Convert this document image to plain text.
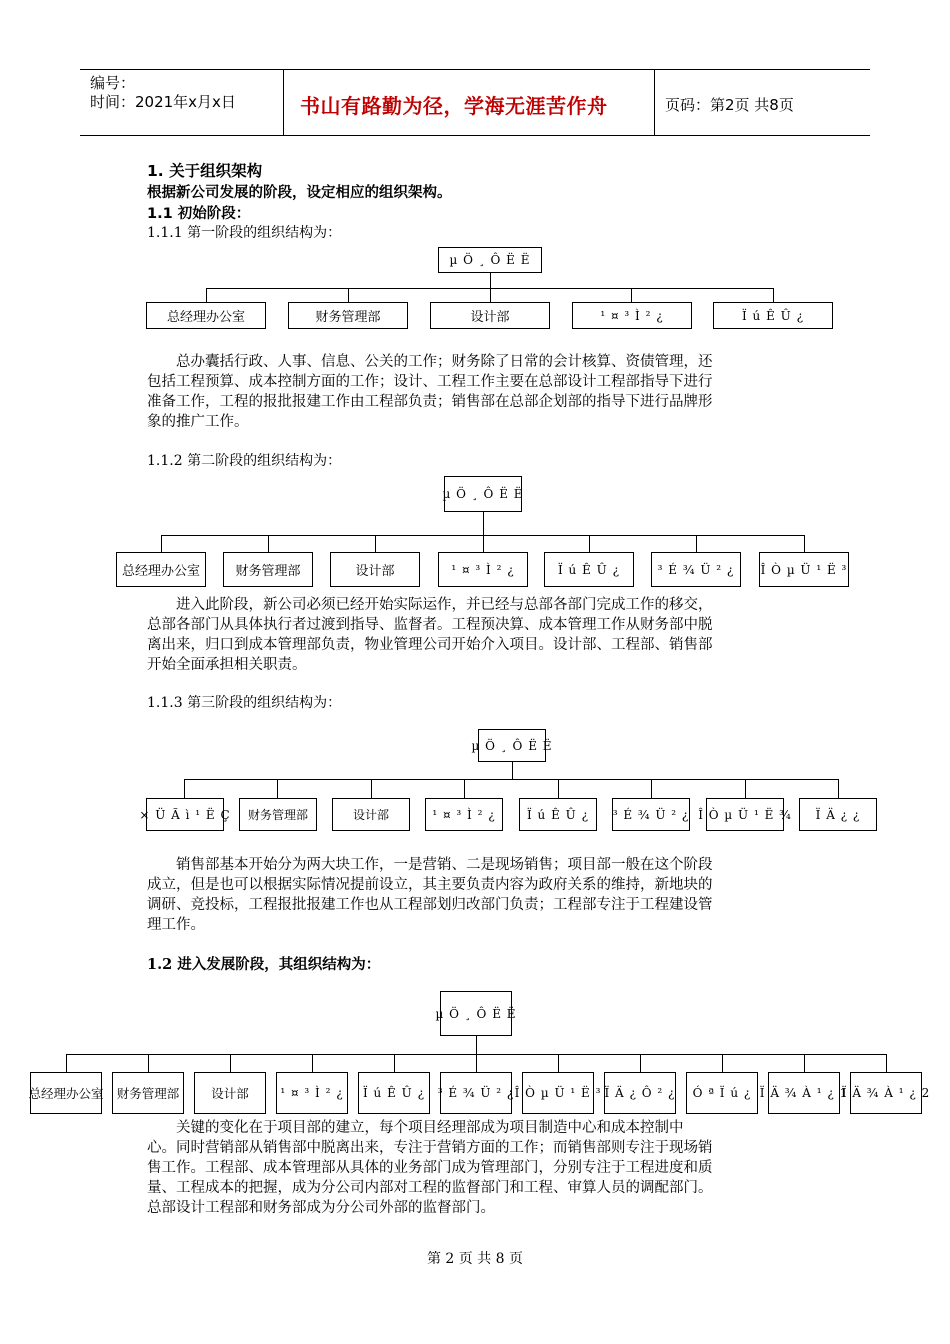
编号：
时间：2021年x月x日	书山有路勤为径，学海无涯苦作舟	页码：第2页 共8页
1. 关于组织架构
根据新公司发展的阶段，设定相应的组织架构。
1.1 初始阶段：
1.1.1 第一阶段的组织结构为：
µ Ö ¸ Ô Ë Ë
总经理办公室	财务管理部	设计部	¹ ¤ ³ Ì ² ¿	Ï ú Ê Û ¿
总办囊括行政、人事、信息、公关的工作；财务除了日常的会计核算、资债管理，还
包括工程预算、成本控制方面的工作；设计、工程工作主要在总部设计工程部指导下进行
准备工作，工程的报批报建工作由工程部负责；销售部在总部企划部的指导下进行品牌形
象的推广工作。
1.1.2 第二阶段的组织结构为：
µ Ö ¸ Ô Ë Ë
总经理办公室	财务管理部	设计部	¹ ¤ ³ Ì ² ¿	Ï ú Ê Û ¿	³ É ¾ Ü ² ¿	Î Ò µ Ü ¹ Ë ³
进入此阶段，新公司必须已经开始实际运作，并已经与总部各部门完成工作的移交，
总部各部门从具体执行者过渡到指导、监督者。工程预决算、成本管理工作从财务部中脱
离出来，归口到成本管理部负责，物业管理公司开始介入项目。设计部、工程部、销售部
开始全面承担相关职责。
1.1.3 第三阶段的组织结构为：
µ Ö ¸ Ô Ë Ë
× Ü Ã ì ¹ Ë Ç	财务管理部	设计部	¹ ¤ ³ Ì ² ¿	Ï ú Ê Û ¿	³ É ¾ Ü ² ¿ Î Ò µ Ü ¹ Ë ¾	Ï Ä ¿ ¿
销售部基本开始分为两大块工作，一是营销、二是现场销售；项目部一般在这个阶段
成立，但是也可以根据实际情况提前设立，其主要负责内容为政府关系的维持，新地块的
调研、竞投标，工程报批报建工作也从工程部划归改部门负责；工程部专注于工程建设管
理工作。
1.2 进入发展阶段，其组织结构为：
µ Ö ¸ Ô Ë Ë
总经理办公室	财务管理部	设计部	¹ ¤ ³ Ì ² ¿	Ï ú Ê Û ¿	³ É ¾ Ü ² ¿ Î Ò µ Ü ¹ Ë ³ Ï Ä ¿ Ô ² ¿	Ó ª Ï ú ¿ Ï Ä ¾ À ¹ ¿ 1
Ï Ä ¾ À ¹ ¿ 2
关键的变化在于项目部的建立，每个项目经理部成为项目制造中心和成本控制中
心。同时营销部从销售部中脱离出来，专注于营销方面的工作；而销售部则专注于现场销
售工作。工程部、成本管理部从具体的业务部门成为管理部门，分别专注于工程进度和质
量、工程成本的把握，成为分公司内部对工程的监督部门和工程、审算人员的调配部门。
总部设计工程部和财务部成为分公司外部的监督部门。
第 2 页 共 8 页
